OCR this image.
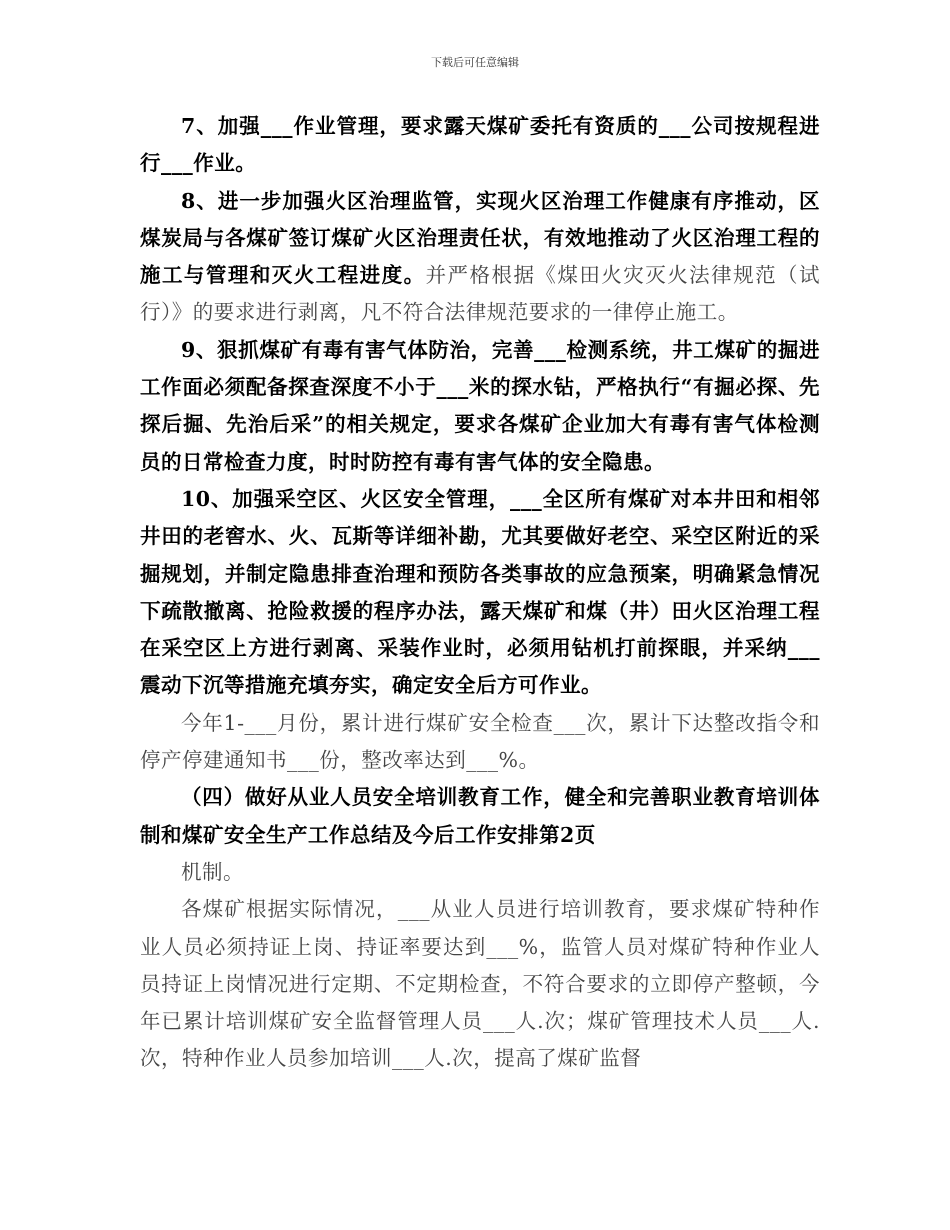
下载后可任意编辑

7、加强___作业管理，要求露天煤矿委托有资质的___公司按规程进行___作业。

8、进一步加强火区治理监管，实现火区治理工作健康有序推动，区煤炭局与各煤矿签订煤矿火区治理责任状，有效地推动了火区治理工程的施工与管理和灭火工程进度。并严格根据《煤田火灾灭火法律规范（试行）》的要求进行剥离，凡不符合法律规范要求的一律停止施工。

9、狠抓煤矿有毒有害气体防治，完善___检测系统，井工煤矿的掘进工作面必须配备探查深度不小于___米的探水钻，严格执行“有掘必探、先探后掘、先治后采”的相关规定，要求各煤矿企业加大有毒有害气体检测员的日常检查力度，时时防控有毒有害气体的安全隐患。

10、加强采空区、火区安全管理，___全区所有煤矿对本井田和相邻井田的老窖水、火、瓦斯等详细补勘，尤其要做好老空、采空区附近的采掘规划，并制定隐患排查治理和预防各类事故的应急预案，明确紧急情况下疏散撤离、抢险救援的程序办法，露天煤矿和煤（井）田火区治理工程在采空区上方进行剥离、采装作业时，必须用钻机打前探眼，并采纳___震动下沉等措施充填夯实，确定安全后方可作业。

今年1-___月份，累计进行煤矿安全检查___次，累计下达整改指令和停产停建通知书___份，整改率达到___%。

（四）做好从业人员安全培训教育工作，健全和完善职业教育培训体制和煤矿安全生产工作总结及今后工作安排第2页

机制。

各煤矿根据实际情况，___从业人员进行培训教育，要求煤矿特种作业人员必须持证上岗、持证率要达到___%，监管人员对煤矿特种作业人员持证上岗情况进行定期、不定期检查，不符合要求的立即停产整顿，今年已累计培训煤矿安全监督管理人员___人.次；煤矿管理技术人员___人.次，特种作业人员参加培训___人.次，提高了煤矿监督
